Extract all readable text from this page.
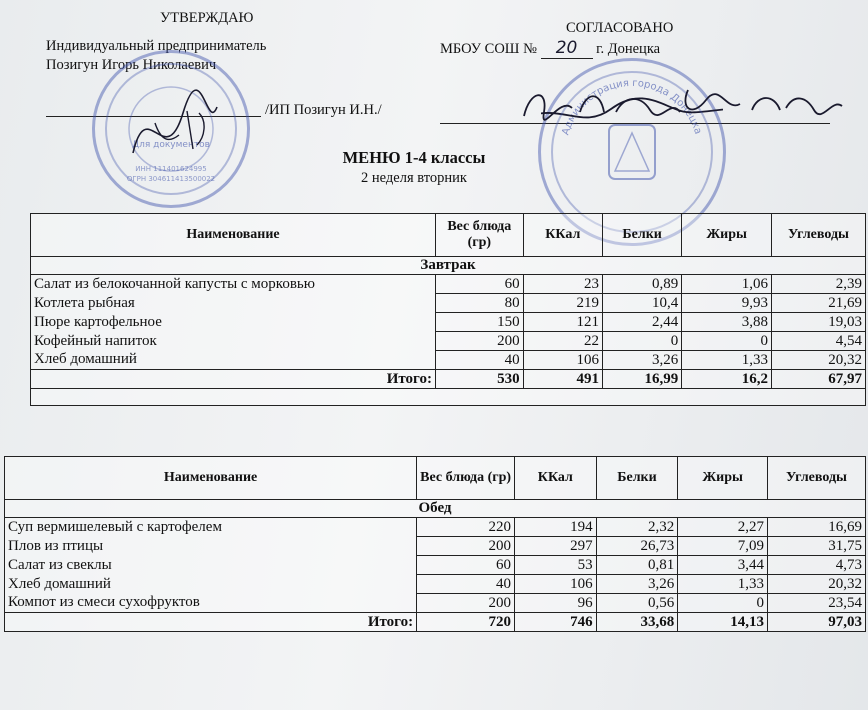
УТВЕРЖДАЮ
Индивидуальный предприниматель
Позигун Игорь Николаевич
/ИП Позигун И.Н./
СОГЛАСОВАНО
МБОУ СОШ № 20 г. Донецка
Для документов
ИНН 111401624995
ОГРН 304611413500022
Администрация города Донецка
МЕНЮ 1-4 классы
2 неделя вторник
Наименование	Вес блюда (гр)	ККал	Белки	Жиры	Углеводы
Завтрак					
Салат из белокочанной капусты с морковью	60	23	0,89	1,06	2,39
Котлета рыбная	80	219	10,4	9,93	21,69
Пюре картофельное	150	121	2,44	3,88	19,03
Кофейный напиток	200	22	0	0	4,54
Хлеб домашний	40	106	3,26	1,33	20,32
Итого:	530	491	16,99	16,2	67,97

Наименование	Вес блюда (гр)	ККал	Белки	Жиры	Углеводы
Обед					
Суп вермишелевый с картофелем	220	194	2,32	2,27	16,69
Плов из птицы	200	297	26,73	7,09	31,75
Салат из свеклы	60	53	0,81	3,44	4,73
Хлеб домашний	40	106	3,26	1,33	20,32
Компот из смеси сухофруктов	200	96	0,56	0	23,54
Итого:	720	746	33,68	14,13	97,03
